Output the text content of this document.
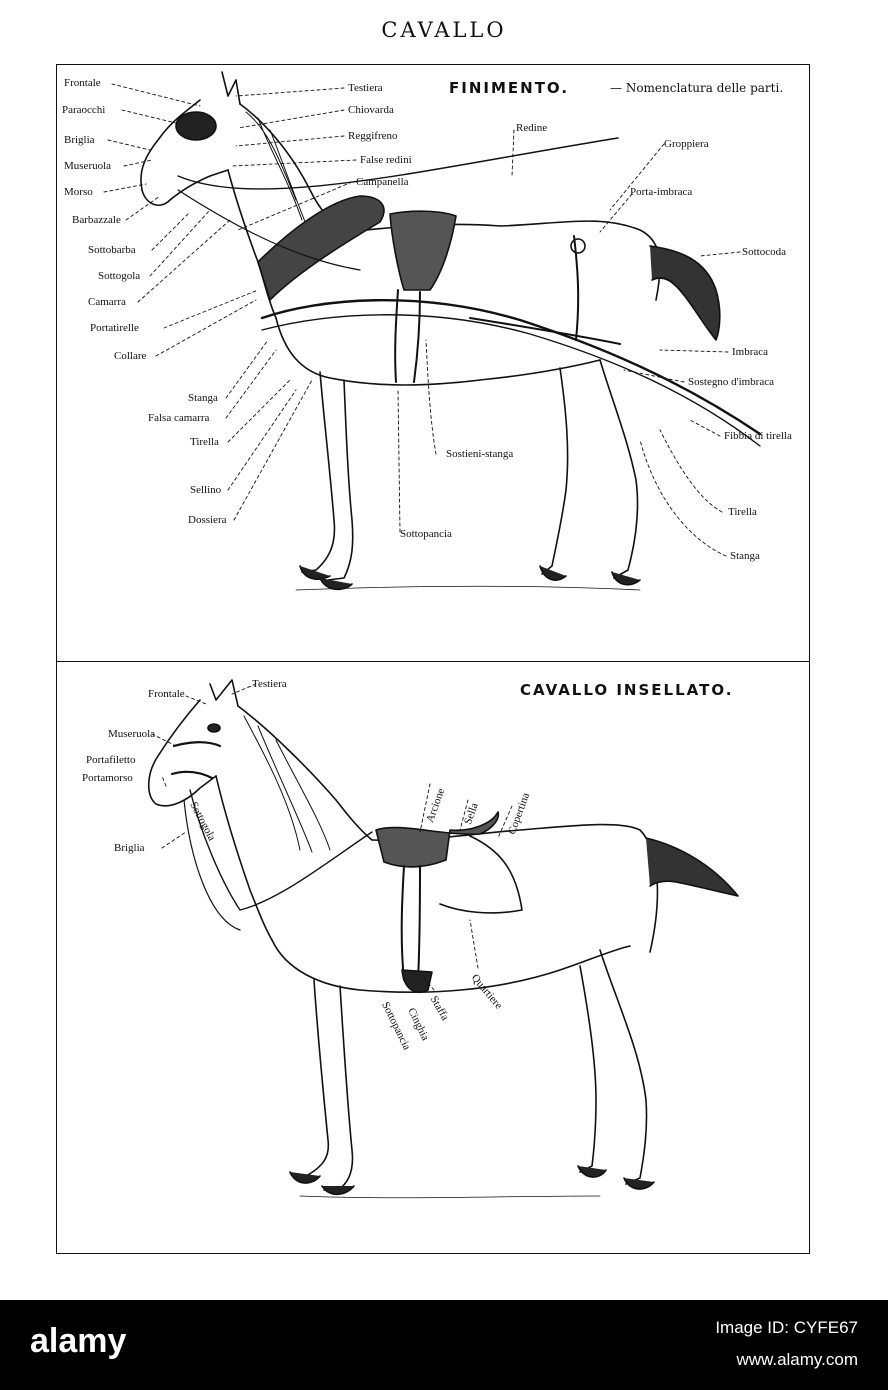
CAVALLO
FINIMENTO.	— Nomenclatura delle parti.
Frontale
Paraocchi
Briglia
Museruola
Morso
Barbazzale
Sottobarba
Sottogola
Camarra
Portatirelle
Collare
Stanga
Falsa camarra
Tirella
Sellino
Dossiera
Testiera
Chiovarda
Reggifreno
False redini
Campanella
Redine
Groppiera
Porta-imbraca
Sottocoda
Imbraca
Sostegno d'imbraca
Fibbia di tirella
Tirella
Stanga
Sostieni-stanga
Sottopancia
CAVALLO INSELLATO.
Frontale
Testiera
Museruola
Portafiletto
Portamorso
Briglia
Sottogola	Arcione Sella Copertina
Quartiere
Staffa
Cinghia
Sottopancia
alamy	Image ID: CYFE67
www.alamy.com
